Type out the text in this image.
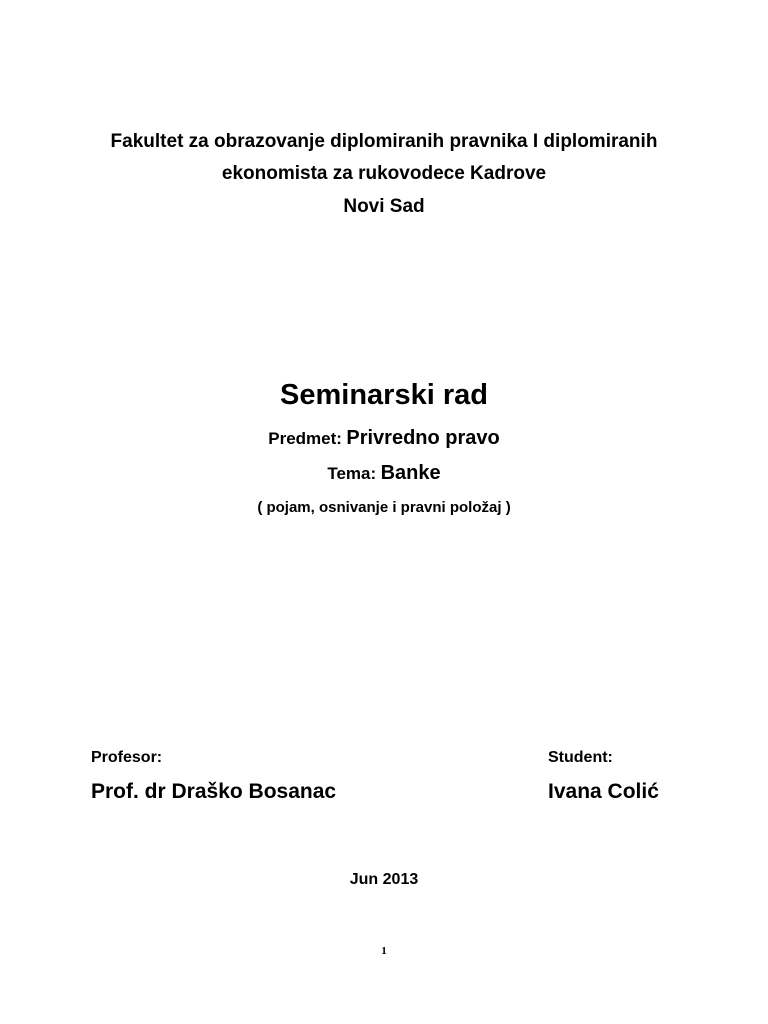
Fakultet za obrazovanje diplomiranih pravnika I diplomiranih
ekonomista za rukovodece Kadrove
Novi Sad
Seminarski rad
Predmet: Privredno pravo
Tema: Banke
( pojam, osnivanje i pravni položaj )
Profesor:
Prof. dr Draško Bosanac
Student:
Ivana Colić
Jun 2013
1
